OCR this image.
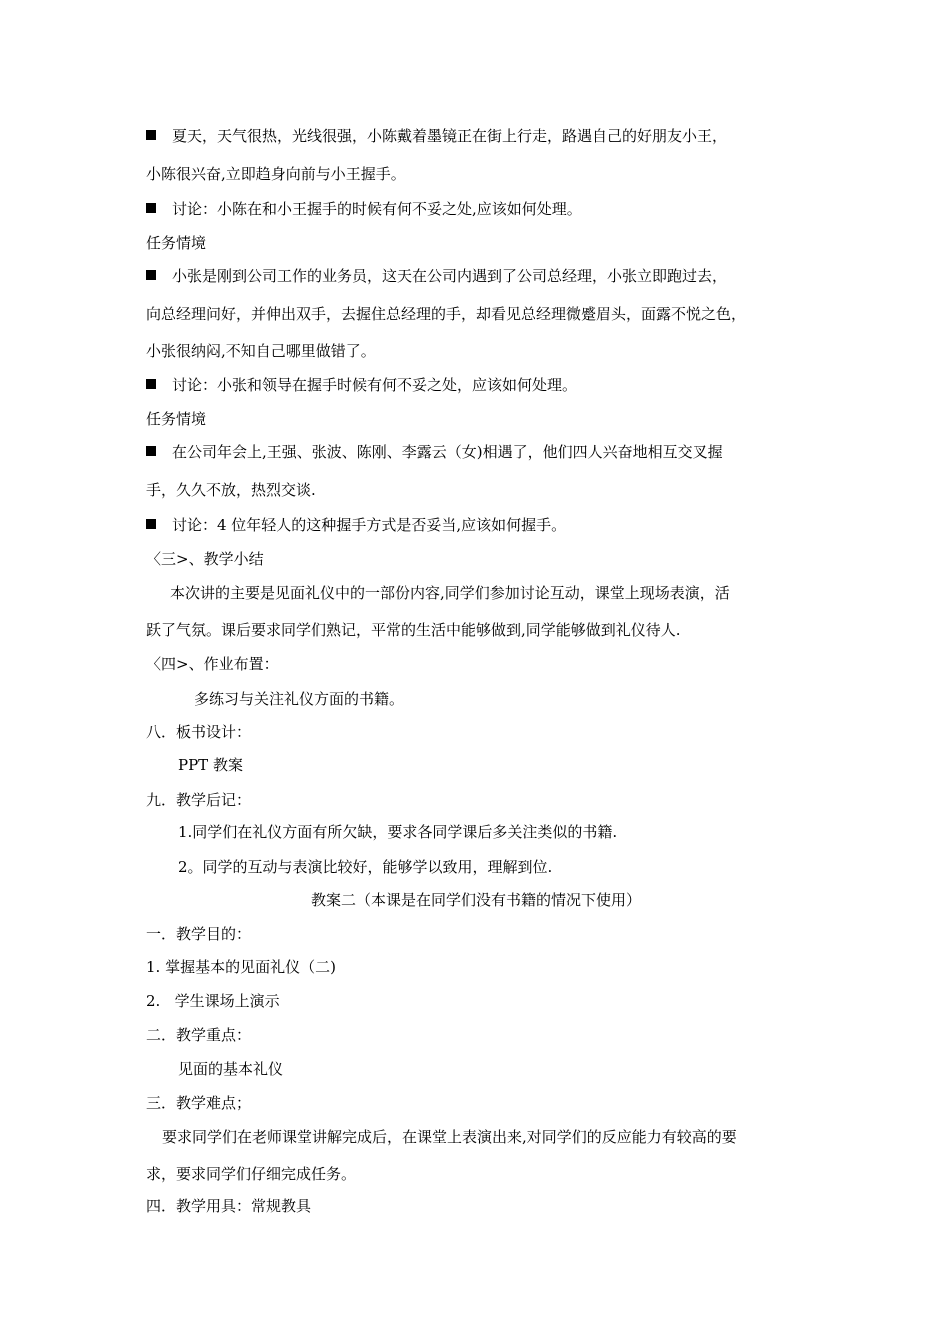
夏天，天气很热，光线很强，小陈戴着墨镜正在街上行走，路遇自己的好朋友小王，
小陈很兴奋,立即趋身向前与小王握手。
讨论：小陈在和小王握手的时候有何不妥之处,应该如何处理。
任务情境
小张是刚到公司工作的业务员，这天在公司内遇到了公司总经理，小张立即跑过去，
向总经理问好，并伸出双手，去握住总经理的手，却看见总经理微蹙眉头，面露不悦之色，
小张很纳闷,不知自己哪里做错了。
讨论：小张和领导在握手时候有何不妥之处，应该如何处理。
任务情境
在公司年会上,王强、张波、陈刚、李露云（女)相遇了，他们四人兴奋地相互交叉握
手，久久不放，热烈交谈.
讨论：4 位年轻人的这种握手方式是否妥当,应该如何握手。
〈三>、教学小结
本次讲的主要是见面礼仪中的一部份内容,同学们参加讨论互动，课堂上现场表演，活
跃了气氛。课后要求同学们熟记，平常的生活中能够做到,同学能够做到礼仪待人.
〈四>、作业布置：
多练习与关注礼仪方面的书籍。
八．板书设计：
PPT 教案
九．教学后记：
1.同学们在礼仪方面有所欠缺，要求各同学课后多关注类似的书籍.
2。同学的互动与表演比较好，能够学以致用，理解到位.
教案二（本课是在同学们没有书籍的情况下使用）
一．教学目的：
1. 掌握基本的见面礼仪（二)
2.   学生课场上演示
二．教学重点：
见面的基本礼仪
三．教学难点；
要求同学们在老师课堂讲解完成后，在课堂上表演出来,对同学们的反应能力有较高的要
求，要求同学们仔细完成任务。
四．教学用具：常规教具
